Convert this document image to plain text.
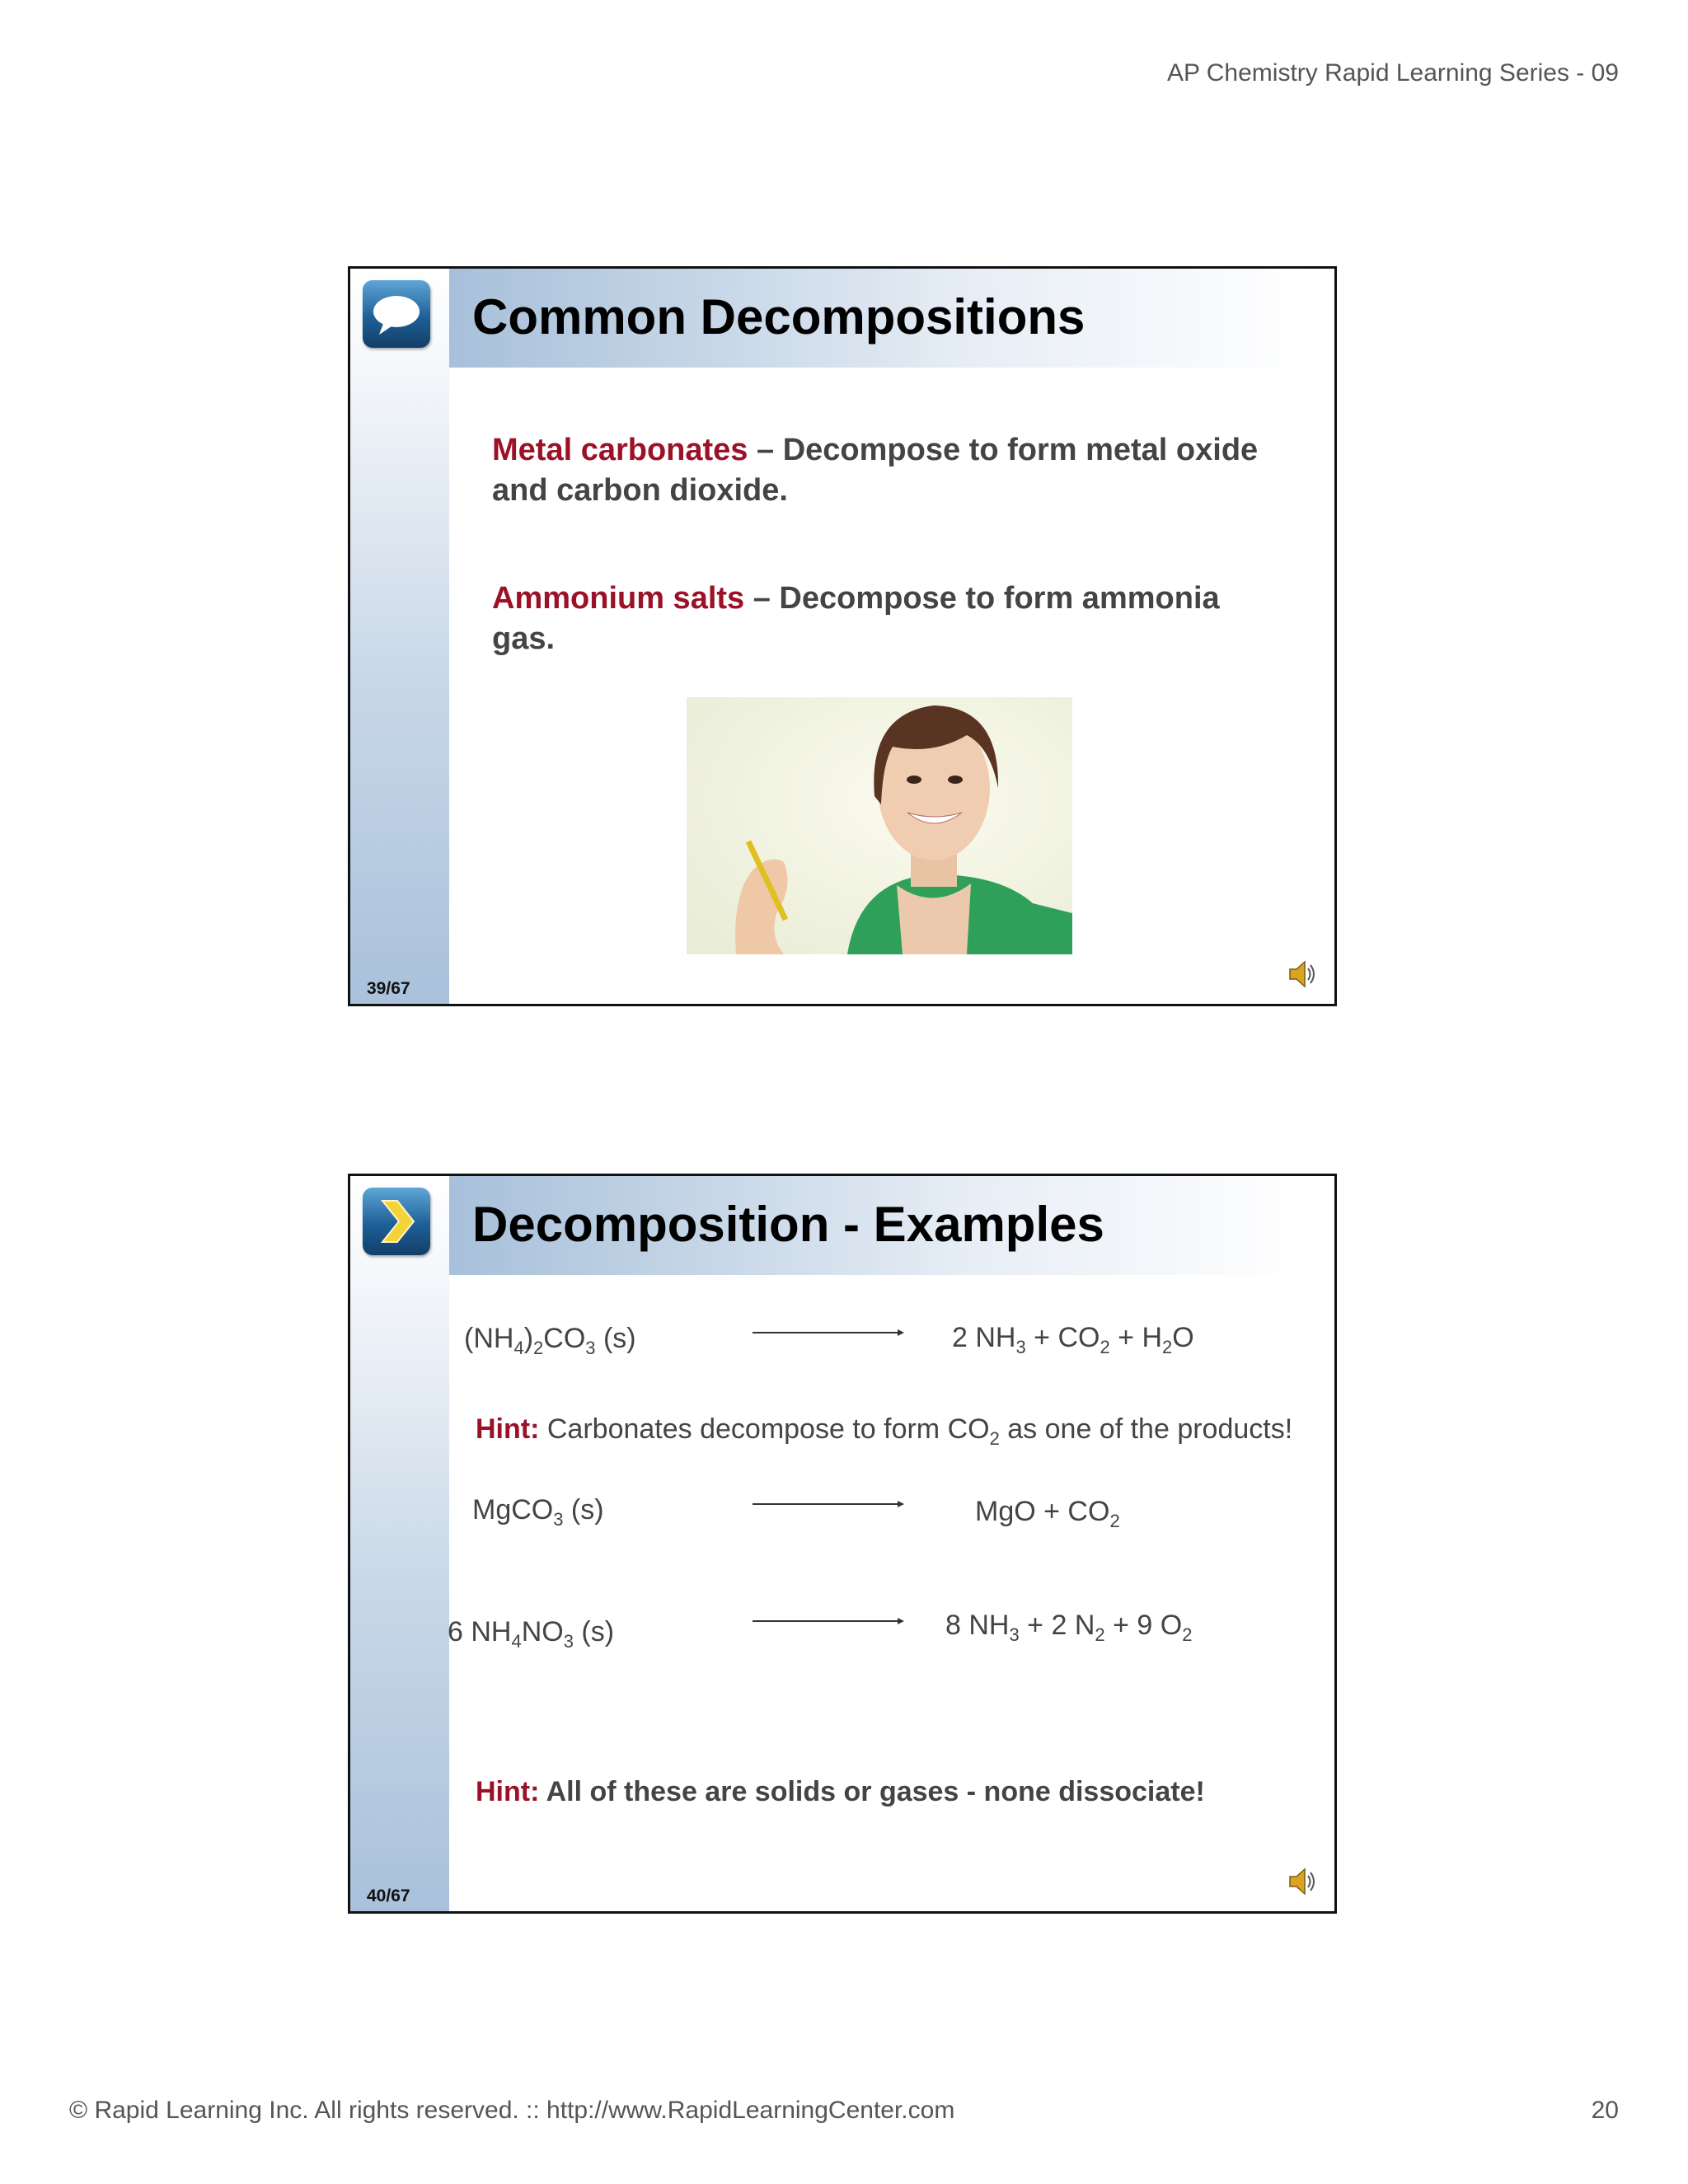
AP Chemistry Rapid Learning Series - 09
Common Decompositions
Metal carbonates – Decompose to form metal oxide and carbon dioxide.
Ammonium salts – Decompose to form ammonia gas.
39/67
Decomposition - Examples
$(NH_4)_2CO_3$ (s)	2 $NH_3 + CO_2 + H_2O$
Hint: Carbonates decompose to form $CO_2$ as one of the products!
MgCO$_3$ (s)	MgO + $CO_2$
6 $NH_4NO_3$ (s)	8 $NH_3 + 2$ $N_2 + 9$ $O_2$
Hint: All of these are solids or gases - none dissociate!
40/67
© Rapid Learning Inc. All rights reserved. :: http://www.RapidLearningCenter.com	20
